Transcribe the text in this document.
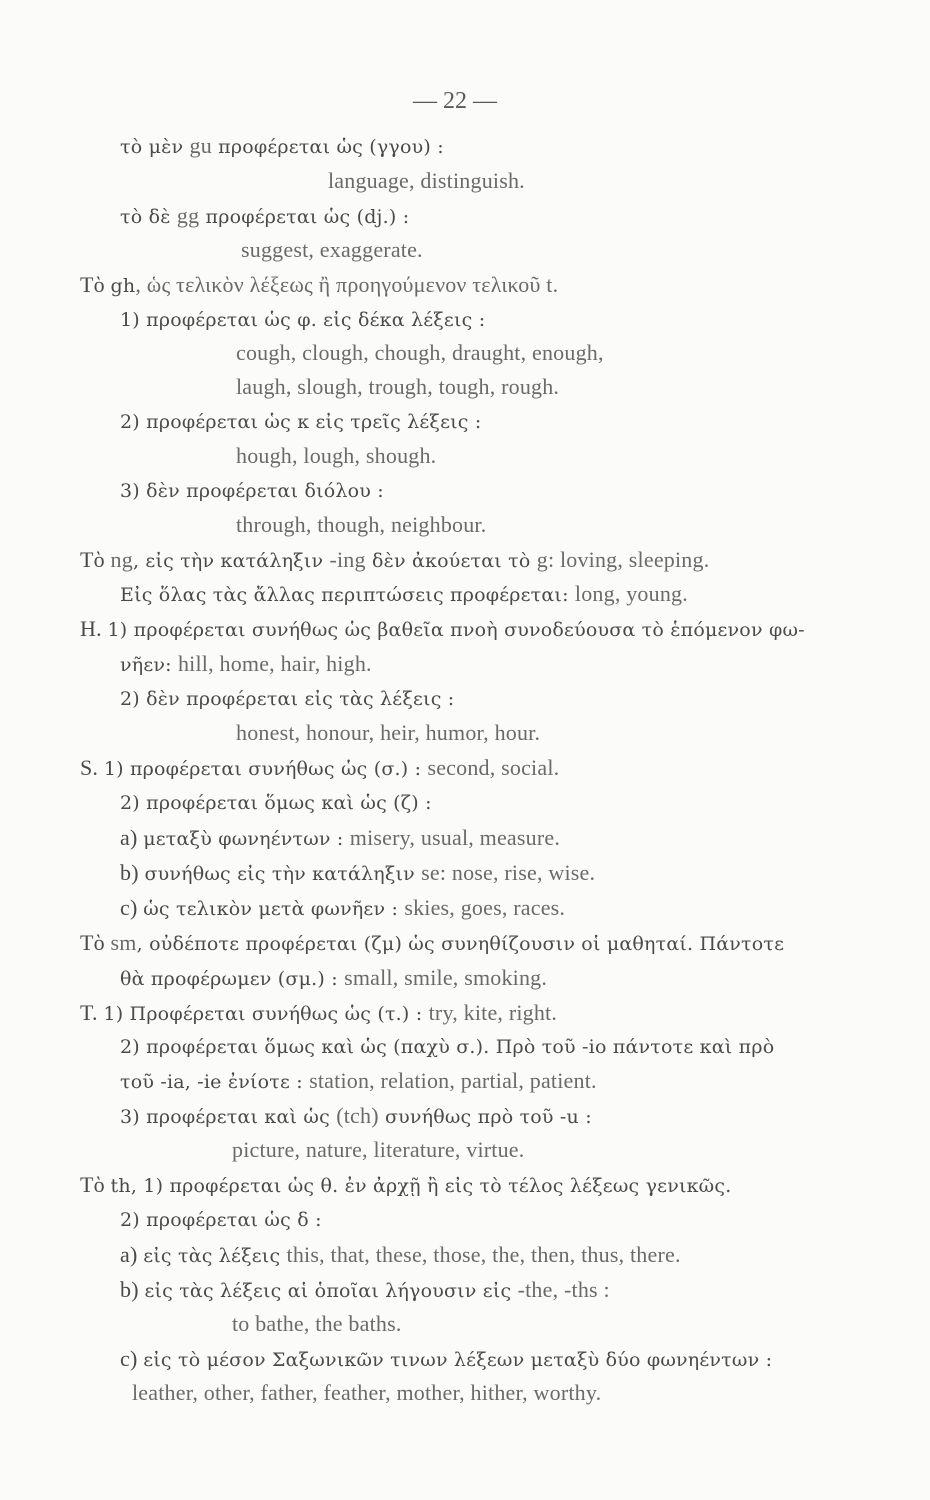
— 22 —
τὸ μὲν gu προφέρεται ὡς (γγου) :
language, distinguish.
τὸ δὲ gg προφέρεται ὡς (dj.) :
suggest, exaggerate.
Τὸ gh, ὡς τελικὸν λέξεως ἢ προηγούμενον τελικοῦ t.
1) προφέρεται ὡς φ. εἰς δέκα λέξεις :
cough, clough, chough, draught, enough,
laugh, slough, trough, tough, rough.
2) προφέρεται ὡς κ εἰς τρεῖς λέξεις :
hough, lough, shough.
3) δὲν προφέρεται διόλου :
through, though, neighbour.
Τὸ ng, εἰς τὴν κατάληξιν -ing δὲν ἀκούεται τὸ g: loving, sleeping.
Εἰς ὅλας τὰς ἄλλας περιπτώσεις προφέρεται: long, young.
H. 1) προφέρεται συνήθως ὡς βαθεῖα πνοὴ συνοδεύουσα τὸ ἑπόμενον φω-
νῆεν: hill, home, hair, high.
2) δὲν προφέρεται εἰς τὰς λέξεις :
honest, honour, heir, humor, hour.
S. 1) προφέρεται συνήθως ὡς (σ.) : second, social.
2) προφέρεται ὅμως καὶ ὡς (ζ) :
a) μεταξὺ φωνηέντων : misery, usual, measure.
b) συνήθως εἰς τὴν κατάληξιν se: nose, rise, wise.
c) ὡς τελικὸν μετὰ φωνῆεν : skies, goes, races.
Τὸ sm, οὐδέποτε προφέρεται (ζμ) ὡς συνηθίζουσιν οἱ μαθηταί. Πάντοτε
θὰ προφέρωμεν (σμ.) : small, smile, smoking.
T. 1) Προφέρεται συνήθως ὡς (τ.) : try, kite, right.
2) προφέρεται ὅμως καὶ ὡς (παχὺ σ.). Πρὸ τοῦ -io πάντοτε καὶ πρὸ
τοῦ -ia, -ie ἐνίοτε : station, relation, partial, patient.
3) προφέρεται καὶ ὡς (tch) συνήθως πρὸ τοῦ -u :
picture, nature, literature, virtue.
Τὸ th, 1) προφέρεται ὡς θ. ἐν ἀρχῇ ἢ εἰς τὸ τέλος λέξεως γενικῶς.
2) προφέρεται ὡς δ :
a) εἰς τὰς λέξεις this, that, these, those, the, then, thus, there.
b) εἰς τὰς λέξεις αἱ ὁποῖαι λήγουσιν εἰς -the, -ths :
to bathe, the baths.
c) εἰς τὸ μέσον Σαξωνικῶν τινων λέξεων μεταξὺ δύο φωνηέντων :
leather, other, father, feather, mother, hither, worthy.
